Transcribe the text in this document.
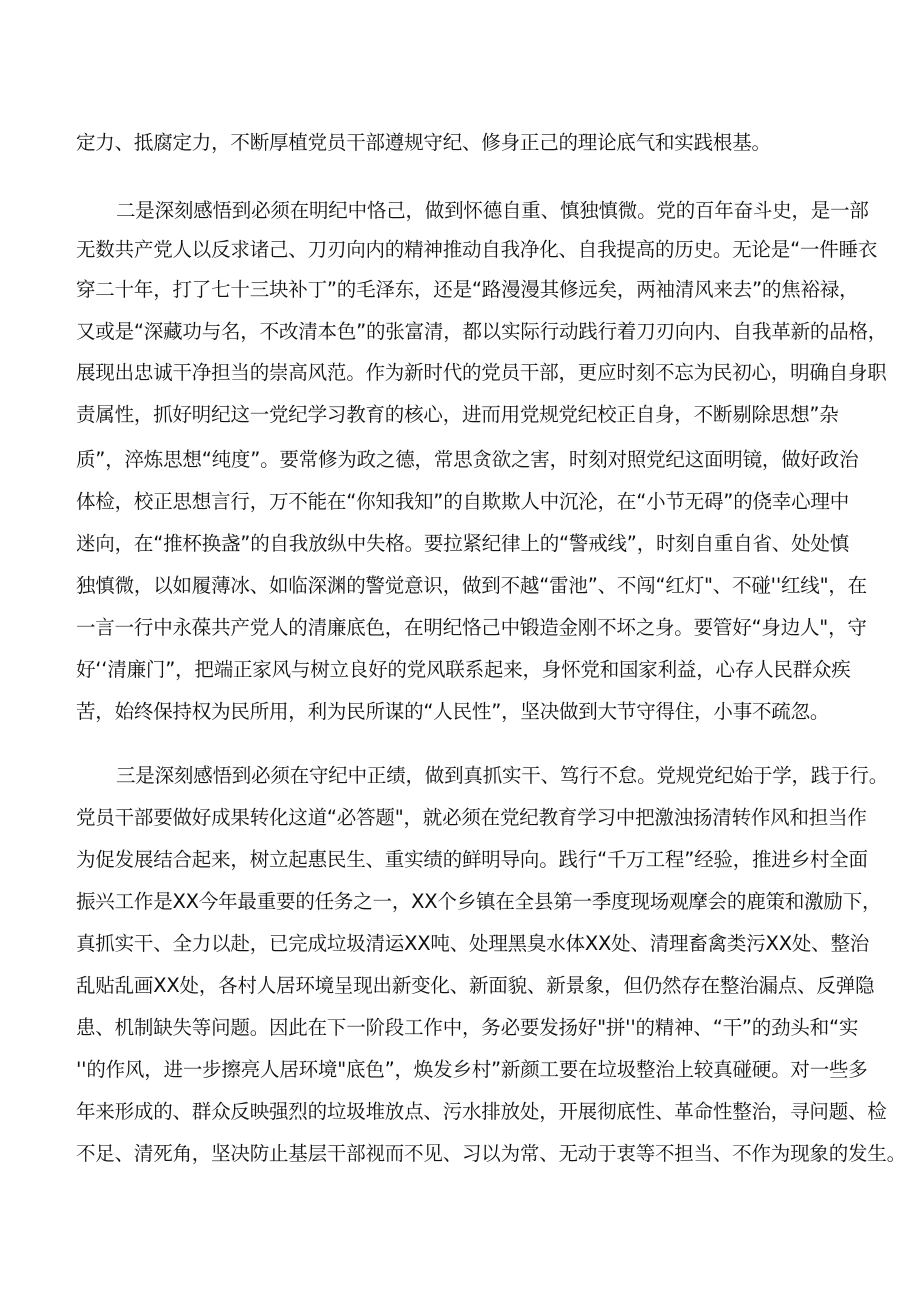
定力、抵腐定力，不断厚植党员干部遵规守纪、修身正己的理论底气和实践根基。
二是深刻感悟到必须在明纪中恪己，做到怀德自重、慎独慎微。党的百年奋斗史，是一部
无数共产党人以反求诸己、刀刃向内的精神推动自我净化、自我提高的历史。无论是“一件睡衣
穿二十年，打了七十三块补丁”的毛泽东，还是“路漫漫其修远矣，两袖清风来去”的焦裕禄，
又或是“深藏功与名，不改清本色”的张富清，都以实际行动践行着刀刃向内、自我革新的品格，
展现出忠诚干净担当的崇高风范。作为新时代的党员干部，更应时刻不忘为民初心，明确自身职
责属性，抓好明纪这一党纪学习教育的核心，进而用党规党纪校正自身，不断剔除思想”杂
质”，淬炼思想“纯度”。要常修为政之德，常思贪欲之害，时刻对照党纪这面明镜，做好政治
体检，校正思想言行，万不能在“你知我知”的自欺欺人中沉沦，在“小节无碍”的侥幸心理中
迷向，在“推杯换盏”的自我放纵中失格。要拉紧纪律上的“警戒线”，时刻自重自省、处处慎
独慎微，以如履薄冰、如临深渊的警觉意识，做到不越“雷池”、不闯“红灯"、不碰''红线"，在
一言一行中永葆共产党人的清廉底色，在明纪恪己中锻造金刚不坏之身。要管好“身边人"，守
好‘‘清廉门”，把端正家风与树立良好的党风联系起来，身怀党和国家利益，心存人民群众疾
苦，始终保持权为民所用，利为民所谋的“人民性”，坚决做到大节守得住，小事不疏忽。
三是深刻感悟到必须在守纪中正绩，做到真抓实干、笃行不怠。党规党纪始于学，践于行。
党员干部要做好成果转化这道“必答题"，就必须在党纪教育学习中把激浊扬清转作风和担当作
为促发展结合起来，树立起惠民生、重实绩的鲜明导向。践行“千万工程”经验，推进乡村全面
振兴工作是XX今年最重要的任务之一，XX个乡镇在全县第一季度现场观摩会的鹿策和激励下，
真抓实干、全力以赴，已完成垃圾清运XX吨、处理黑臭水体XX处、清理畜禽类污XX处、整治
乱贴乱画XX处，各村人居环境呈现出新变化、新面貌、新景象，但仍然存在整治漏点、反弹隐
患、机制缺失等问题。因此在下一阶段工作中，务必要发扬好"拼''的精神、“干”的劲头和“实
''的作风，进一步擦亮人居环境"底色”，焕发乡村”新颜工要在垃圾整治上较真碰硬。对一些多
年来形成的、群众反映强烈的垃圾堆放点、污水排放处，开展彻底性、革命性整治，寻问题、检
不足、清死角，坚决防止基层干部视而不见、习以为常、无动于衷等不担当、不作为现象的发生。
